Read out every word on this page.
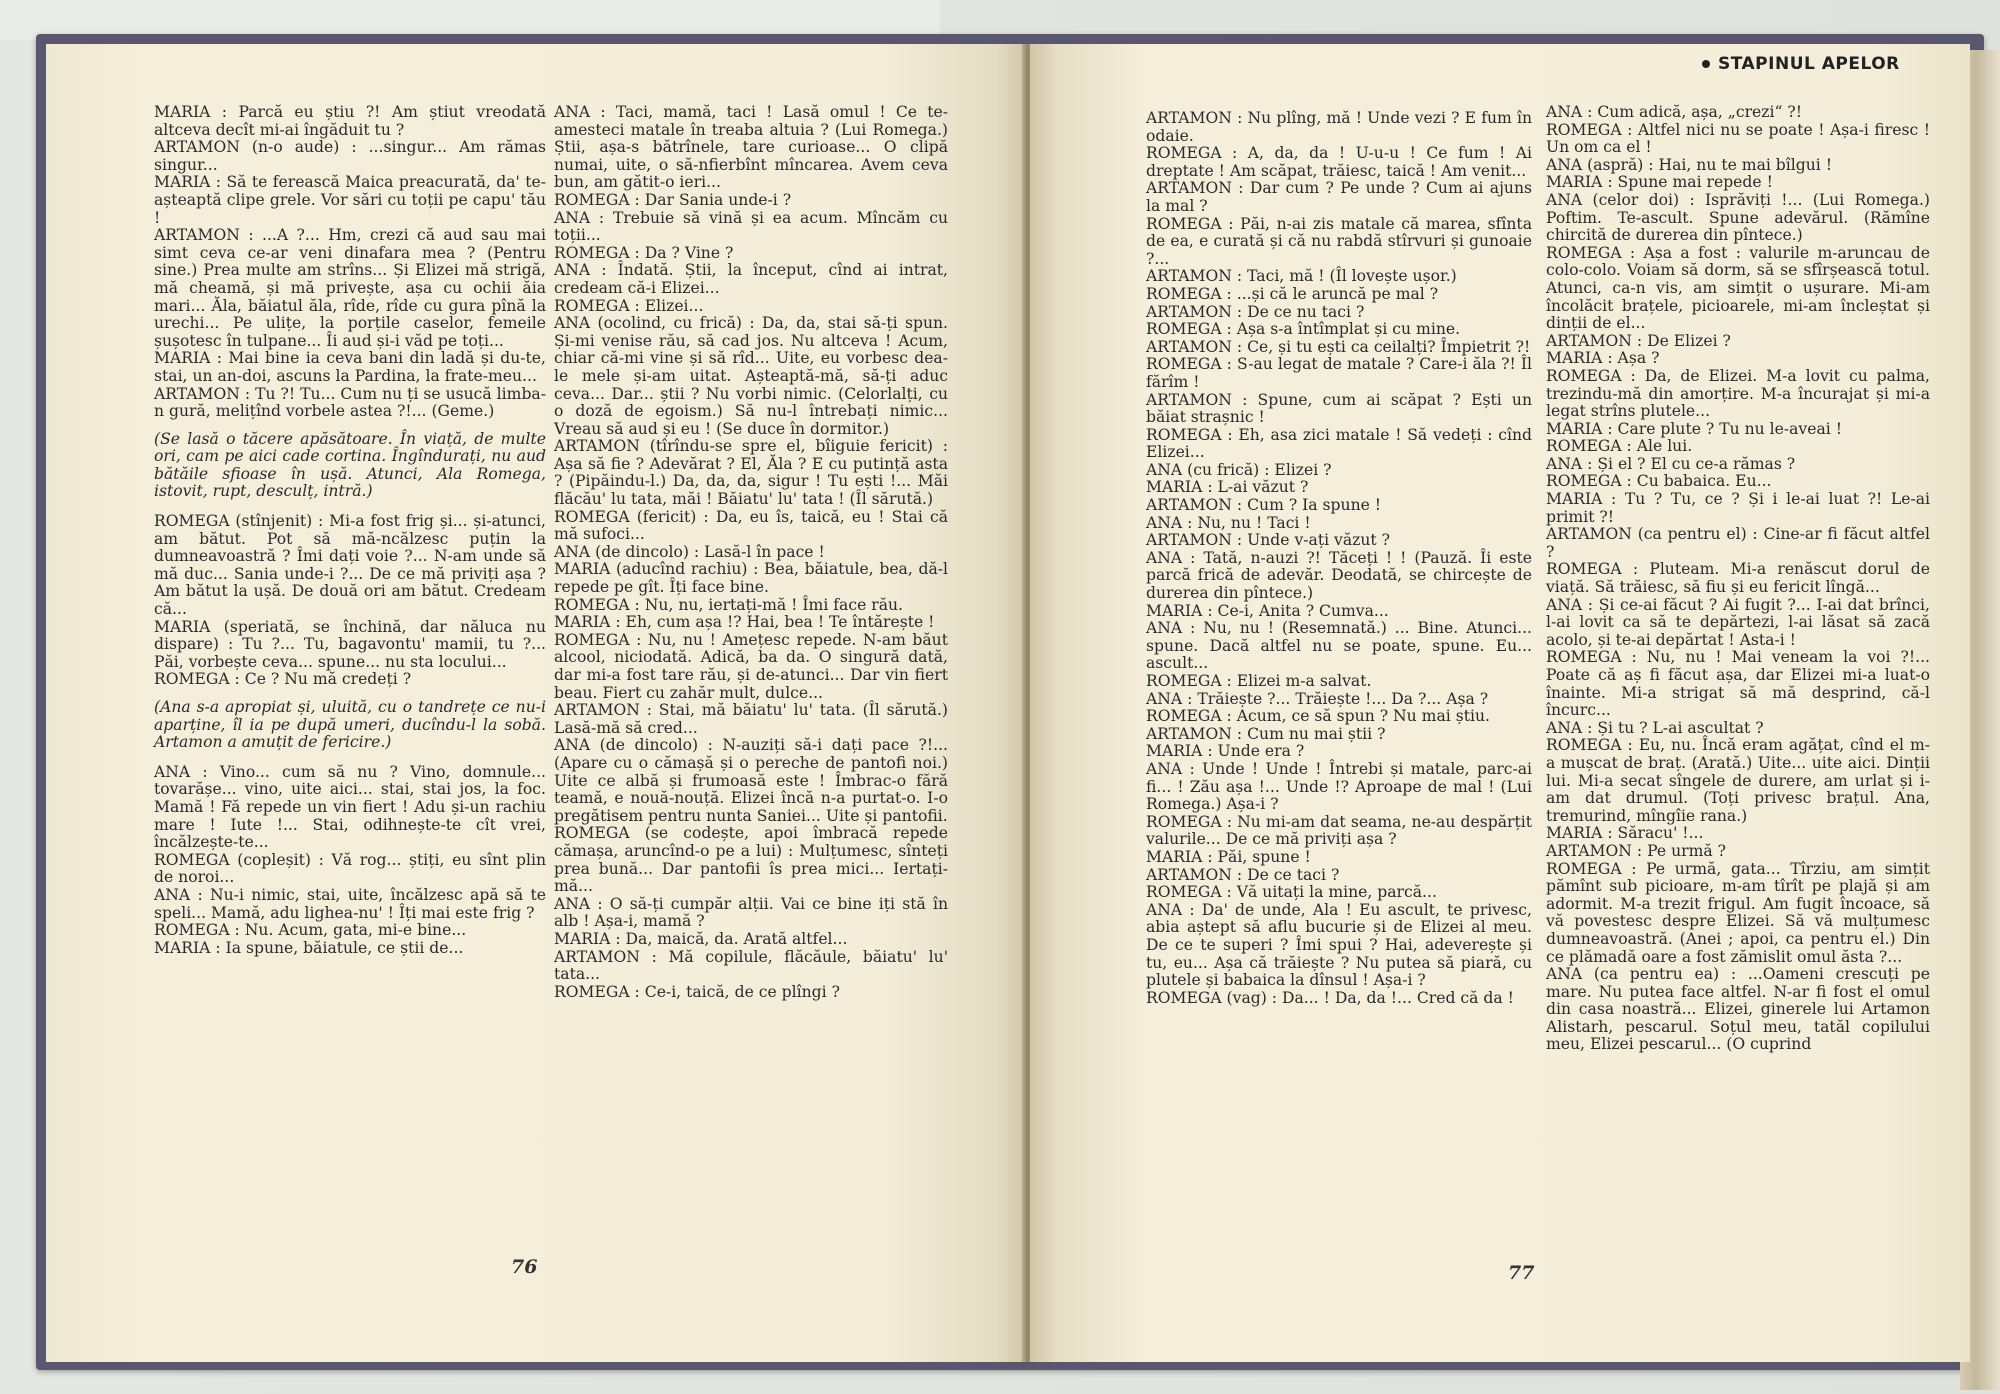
MARIA : Parcă eu știu ?! Am știut vreodată altceva decît mi-ai îngăduit tu ?

ARTAMON (n-o aude) : ...singur... Am rămas singur...

MARIA : Să te ferească Maica preacurată, da' te-așteaptă clipe grele. Vor sări cu toții pe capu' tău !

ARTAMON : ...A ?... Hm, crezi că aud sau mai simt ceva ce-ar veni dinafara mea ? (Pentru sine.) Prea multe am strîns... Și Elizei mă strigă, mă cheamă, și mă privește, așa cu ochii ăia mari... Ăla, băiatul ăla, rîde, rîde cu gura pînă la urechi... Pe ulițe, la porțile caselor, femeile șușotesc în tulpane... Îi aud și-i văd pe toți...

MARIA : Mai bine ia ceva bani din ladă și du-te, stai, un an-doi, ascuns la Pardina, la frate-meu...

ARTAMON : Tu ?! Tu... Cum nu ți se usucă limba-n gură, melițînd vorbele astea ?!... (Geme.)

(Se lasă o tăcere apăsătoare. În viață, de multe ori, cam pe aici cade cortina. Îngîndurați, nu aud bătăile sfioase în ușă. Atunci, Ala Romega, istovit, rupt, desculț, intră.)

ROMEGA (stînjenit) : Mi-a fost frig și... și-atunci, am bătut. Pot să mă-ncălzesc puțin la dumneavoastră ? Îmi dați voie ?... N-am unde să mă duc... Sania unde-i ?... De ce mă priviți așa ? Am bătut la ușă. De două ori am bătut. Credeam că...

MARIA (speriată, se închină, dar năluca nu dispare) : Tu ?... Tu, bagavontu' mamii, tu ?... Păi, vorbește ceva... spune... nu sta locului...

ROMEGA : Ce ? Nu mă credeți ?

(Ana s-a apropiat și, uluită, cu o tandrețe ce nu-i aparține, îl ia pe după umeri, ducîndu-l la sobă. Artamon a amuțit de fericire.)

ANA : Vino... cum să nu ? Vino, domnule... tovarășe... vino, uite aici... stai, stai jos, la foc. Mamă ! Fă repede un vin fiert ! Adu și-un rachiu mare ! Iute !... Stai, odihnește-te cît vrei, încălzește-te...

ROMEGA (copleșit) : Vă rog... știți, eu sînt plin de noroi...

ANA : Nu-i nimic, stai, uite, încălzesc apă să te speli... Mamă, adu lighea-nu' ! Îți mai este frig ?

ROMEGA : Nu. Acum, gata, mi-e bine...

MARIA : Ia spune, băiatule, ce știi de...

ANA : Taci, mamă, taci ! Lasă omul ! Ce te-amesteci matale în treaba altuia ? (Lui Romega.) Știi, așa-s bătrînele, tare curioase... O clipă numai, uite, o să-nfierbînt mîncarea. Avem ceva bun, am gătit-o ieri...

ROMEGA : Dar Sania unde-i ?

ANA : Trebuie să vină și ea acum. Mîncăm cu toții...

ROMEGA : Da ? Vine ?

ANA : Îndată. Știi, la început, cînd ai intrat, credeam că-i Elizei...

ROMEGA : Elizei...

ANA (ocolind, cu frică) : Da, da, stai să-ți spun. Și-mi venise rău, să cad jos. Nu altceva ! Acum, chiar că-mi vine și să rîd... Uite, eu vorbesc dea-le mele și-am uitat. Așteaptă-mă, să-ți aduc ceva... Dar... știi ? Nu vorbi nimic. (Celorlalți, cu o doză de egoism.) Să nu-l întrebați nimic... Vreau să aud și eu ! (Se duce în dormitor.)

ARTAMON (tîrîndu-se spre el, bîiguie fericit) : Așa să fie ? Adevărat ? El, Ăla ? E cu putință asta ? (Pipăindu-l.) Da, da, da, sigur ! Tu ești !... Măi flăcău' lu tata, măi ! Băiatu' lu' tata ! (Îl sărută.)

ROMEGA (fericit) : Da, eu îs, taică, eu ! Stai că mă sufoci...

ANA (de dincolo) : Lasă-l în pace !

MARIA (aducînd rachiu) : Bea, băiatule, bea, dă-l repede pe gît. Îți face bine.

ROMEGA : Nu, nu, iertați-mă ! Îmi face rău.

MARIA : Eh, cum așa !? Hai, bea ! Te întărește !

ROMEGA : Nu, nu ! Amețesc repede. N-am băut alcool, niciodată. Adică, ba da. O singură dată, dar mi-a fost tare rău, și de-atunci... Dar vin fiert beau. Fiert cu zahăr mult, dulce...

ARTAMON : Stai, mă băiatu' lu' tata. (Îl sărută.) Lasă-mă să cred...

ANA (de dincolo) : N-auziți să-i dați pace ?!... (Apare cu o cămașă și o pereche de pantofi noi.) Uite ce albă și frumoasă este ! Îmbrac-o fără teamă, e nouă-nouță. Elizei încă n-a purtat-o. I-o pregătisem pentru nunta Saniei... Uite și pantofii.

ROMEGA (se codește, apoi îmbracă repede cămașa, aruncînd-o pe a lui) : Mulțumesc, sînteți prea bună... Dar pantofii îs prea mici... Iertați-mă...

ANA : O să-ți cumpăr alții. Vai ce bine iți stă în alb ! Așa-i, mamă ?

MARIA : Da, maică, da. Arată altfel...

ARTAMON : Mă copilule, flăcăule, băiatu' lu' tata...

ROMEGA : Ce-i, taică, de ce plîngi ?

76
STAPINUL APELOR

ARTAMON : Nu plîng, mă ! Unde vezi ? E fum în odaie.

ROMEGA : A, da, da ! U-u-u ! Ce fum ! Ai dreptate ! Am scăpat, trăiesc, taică ! Am venit...

ARTAMON : Dar cum ? Pe unde ? Cum ai ajuns la mal ?

ROMEGA : Păi, n-ai zis matale că marea, sfînta de ea, e curată și că nu rabdă stîrvuri și gunoaie ?...

ARTAMON : Taci, mă ! (Îl lovește ușor.)

ROMEGA : ...și că le aruncă pe mal ?

ARTAMON : De ce nu taci ?

ROMEGA : Așa s-a întîmplat și cu mine.

ARTAMON : Ce, și tu ești ca ceilalți? Împietrit ?!

ROMEGA : S-au legat de matale ? Care-i ăla ?! Îl fărîm !

ARTAMON : Spune, cum ai scăpat ? Ești un băiat strașnic !

ROMEGA : Eh, asa zici matale ! Să vedeți : cînd Elizei...

ANA (cu frică) : Elizei ?

MARIA : L-ai văzut ?

ARTAMON : Cum ? Ia spune !

ANA : Nu, nu ! Taci !

ARTAMON : Unde v-ați văzut ?

ANA : Tată, n-auzi ?! Tăceți ! ! (Pauză. Îi este parcă frică de adevăr. Deodată, se chircește de durerea din pîntece.)

MARIA : Ce-i, Anita ? Cumva...

ANA : Nu, nu ! (Resemnată.) ... Bine. Atunci... spune. Dacă altfel nu se poate, spune. Eu... ascult...

ROMEGA : Elizei m-a salvat.

ANA : Trăiește ?... Trăiește !... Da ?... Așa ?

ROMEGA : Acum, ce să spun ? Nu mai știu.

ARTAMON : Cum nu mai știi ?

MARIA : Unde era ?

ANA : Unde ! Unde ! Întrebi și matale, parc-ai fi... ! Zău așa !... Unde !? Aproape de mal ! (Lui Romega.) Așa-i ?

ROMEGA : Nu mi-am dat seama, ne-au despărțit valurile... De ce mă priviți așa ?

MARIA : Păi, spune !

ARTAMON : De ce taci ?

ROMEGA : Vă uitați la mine, parcă...

ANA : Da' de unde, Ala ! Eu ascult, te privesc, abia aștept să aflu bucurie și de Elizei al meu. De ce te superi ? Îmi spui ? Hai, adeverește și tu, eu... Așa că trăiește ? Nu putea să piară, cu plutele și babaica la dînsul ! Așa-i ?

ROMEGA (vag) : Da... ! Da, da !... Cred că da !

ANA : Cum adică, așa, „crezi“ ?!

ROMEGA : Altfel nici nu se poate ! Așa-i firesc ! Un om ca el !

ANA (aspră) : Hai, nu te mai bîlgui !

MARIA : Spune mai repede !

ANA (celor doi) : Isprăviți !... (Lui Romega.) Poftim. Te-ascult. Spune adevărul. (Rămîne chircită de durerea din pîntece.)

ROMEGA : Așa a fost : valurile m-aruncau de colo-colo. Voiam să dorm, să se sfîrșească totul. Atunci, ca-n vis, am simțit o ușurare. Mi-am încolăcit brațele, picioarele, mi-am încleștat și dinții de el...

ARTAMON : De Elizei ?

MARIA : Așa ?

ROMEGA : Da, de Elizei. M-a lovit cu palma, trezindu-mă din amorțire. M-a încurajat și mi-a legat strîns plutele...

MARIA : Care plute ? Tu nu le-aveai !

ROMEGA : Ale lui.

ANA : Și el ? El cu ce-a rămas ?

ROMEGA : Cu babaica. Eu...

MARIA : Tu ? Tu, ce ? Și i le-ai luat ?! Le-ai primit ?!

ARTAMON (ca pentru el) : Cine-ar fi făcut altfel ?

ROMEGA : Pluteam. Mi-a renăscut dorul de viață. Să trăiesc, să fiu și eu fericit lîngă...

ANA : Și ce-ai făcut ? Ai fugit ?... I-ai dat brînci, l-ai lovit ca să te depărtezi, l-ai lăsat să zacă acolo, și te-ai depărtat ! Asta-i !

ROMEGA : Nu, nu ! Mai veneam la voi ?!... Poate că aș fi făcut așa, dar Elizei mi-a luat-o înainte. Mi-a strigat să mă desprind, că-l încurc...

ANA : Și tu ? L-ai ascultat ?

ROMEGA : Eu, nu. Încă eram agățat, cînd el m-a mușcat de braț. (Arată.) Uite... uite aici. Dinții lui. Mi-a secat sîngele de durere, am urlat și i-am dat drumul. (Toți privesc brațul. Ana, tremurind, mîngîie rana.)

MARIA : Săracu' !...

ARTAMON : Pe urmă ?

ROMEGA : Pe urmă, gata... Tîrziu, am simțit pămînt sub picioare, m-am tîrît pe plajă și am adormit. M-a trezit frigul. Am fugit încoace, să vă povestesc despre Elizei. Să vă mulțumesc dumneavoastră. (Anei ; apoi, ca pentru el.) Din ce plămadă oare a fost zămislit omul ăsta ?...

ANA (ca pentru ea) : ...Oameni crescuți pe mare. Nu putea face altfel. N-ar fi fost el omul din casa noastră... Elizei, ginerele lui Artamon Alistarh, pescarul. Soțul meu, tatăl copilului meu, Elizei pescarul... (O cuprind

77
